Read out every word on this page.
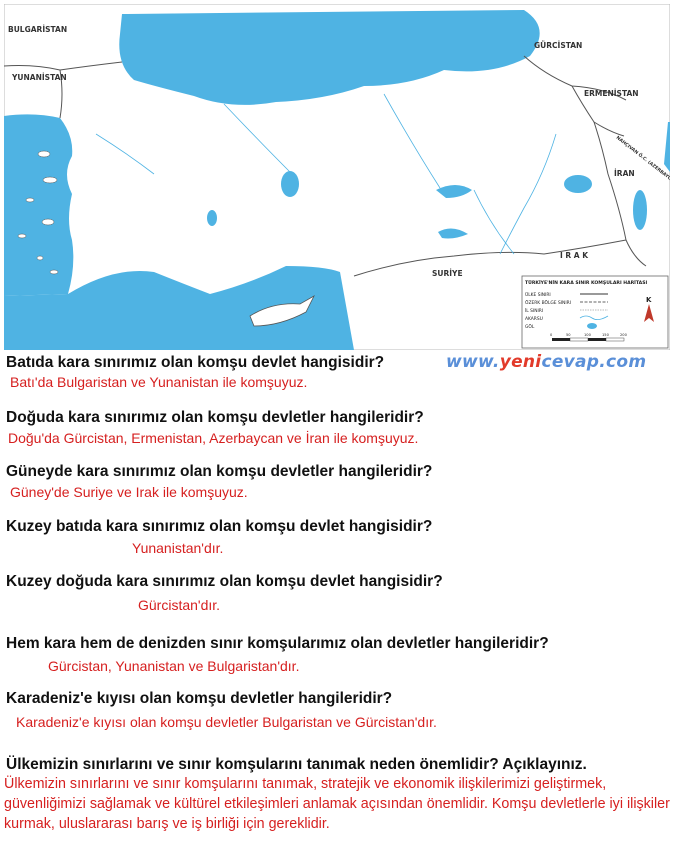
BULGARİSTAN
YUNANİSTAN
GÜRCİSTAN
ERMENİSTAN
İRAN
I R A K
SURİYE
TÜRKİYE'NİN KARA SINIR KOMŞULARI HARİTASI
ÜLKE SINIRI
ÖZERK BÖLGE SINIRI
İL SINIRI
AKARSU
GÖL
K
0	50	100	150	200
www.yenicevap.com
Batıda kara sınırımız olan komşu devlet hangisidir?
Batı'da Bulgaristan ve Yunanistan ile komşuyuz.
Doğuda kara sınırımız olan komşu devletler hangileridir?
Doğu'da Gürcistan, Ermenistan, Azerbaycan ve İran ile komşuyuz.
Güneyde kara sınırımız olan komşu devletler hangileridir?
Güney'de Suriye ve Irak ile komşuyuz.
Kuzey batıda kara sınırımız olan komşu devlet hangisidir?
Yunanistan'dır.
Kuzey doğuda kara sınırımız olan komşu devlet hangisidir?
Gürcistan'dır.
Hem kara hem de denizden sınır komşularımız olan devletler hangileridir?
Gürcistan, Yunanistan ve Bulgaristan'dır.
Karadeniz'e kıyısı olan komşu devletler hangileridir?
Karadeniz'e kıyısı olan komşu devletler Bulgaristan ve Gürcistan'dır.
Ülkemizin sınırlarını ve sınır komşularını tanımak neden önemlidir? Açıklayınız.
Ülkemizin sınırlarını ve sınır komşularını tanımak, stratejik ve ekonomik ilişkilerimizi geliştirmek, güvenliğimizi sağlamak ve kültürel etkileşimleri anlamak açısından önemlidir. Komşu devletlerle iyi ilişkiler kurmak, uluslararası barış ve iş birliği için gereklidir.
